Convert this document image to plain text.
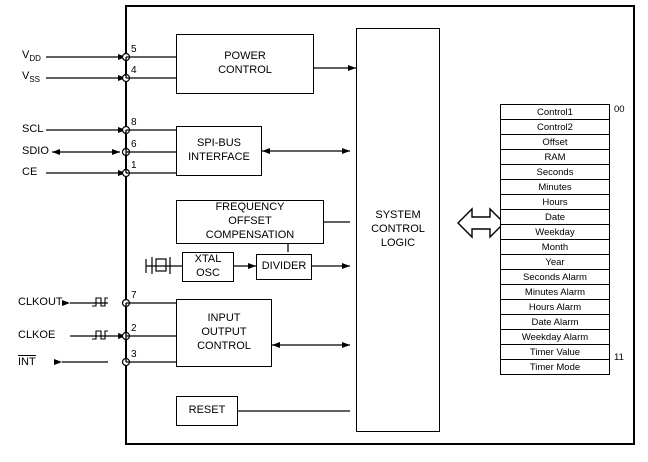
$V_{DD}$
$V_{SS}$
SCL
SDIO
CE
CLKOUT
CLKOE
INT
5
4
8
6
1
7
2
3
POWER
CONTROL
SPI-BUS
INTERFACE
FREQUENCY
OFFSET
COMPENSATION
XTAL
OSC
DIVIDER
INPUT
OUTPUT
CONTROL
RESET
SYSTEM
CONTROL
LOGIC
Control1
Control2
Offset
RAM
Seconds
Minutes
Hours
Date
Weekday
Month
Year
Seconds Alarm
Minutes Alarm
Hours Alarm
Date Alarm
Weekday Alarm
Timer Value
Timer Mode
00
11
